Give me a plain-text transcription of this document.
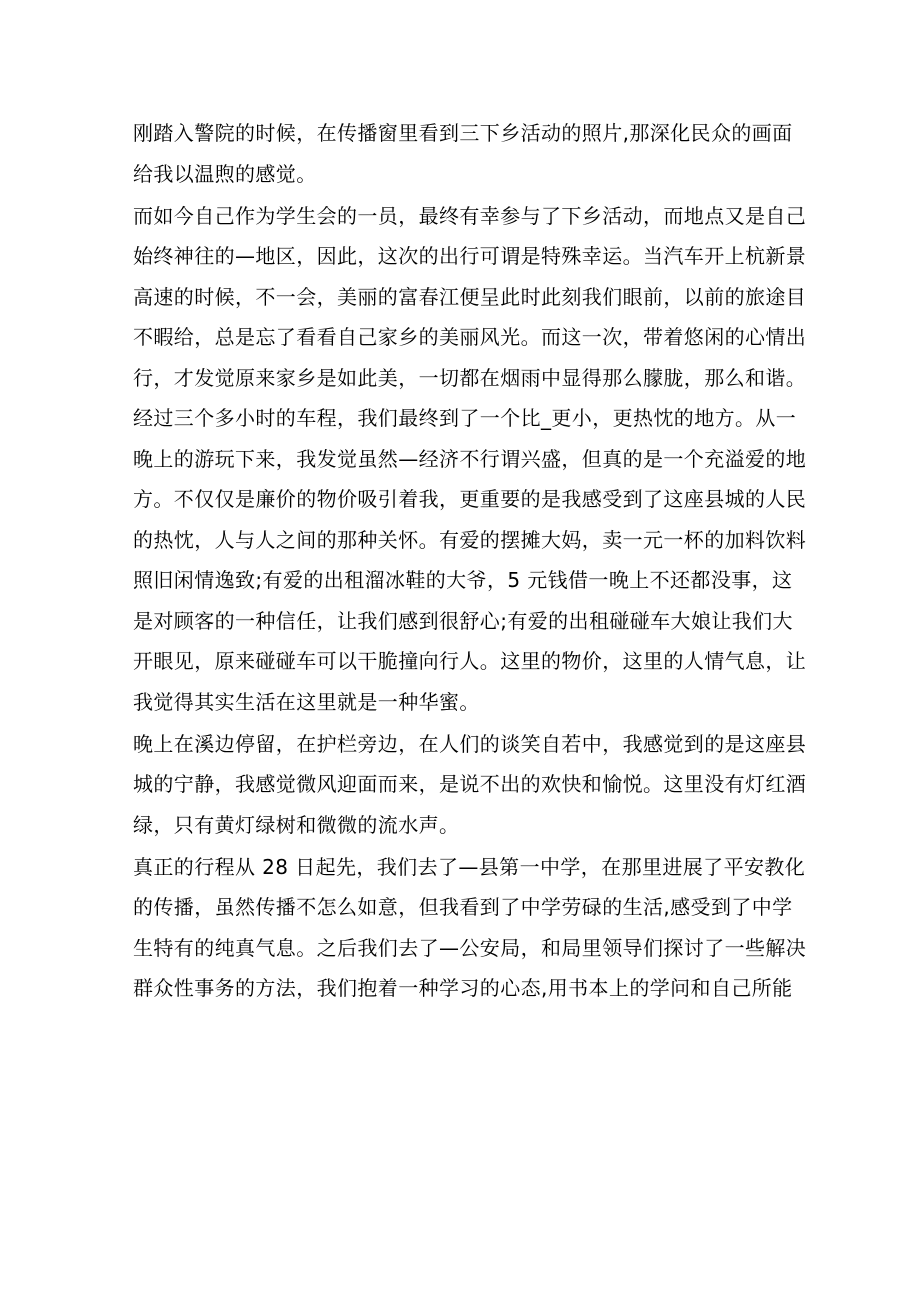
刚踏入警院的时候，在传播窗里看到三下乡活动的照片,那深化民众的画面
给我以温煦的感觉。
而如今自己作为学生会的一员，最终有幸参与了下乡活动，而地点又是自己
始终神往的—地区，因此，这次的出行可谓是特殊幸运。当汽车开上杭新景
高速的时候，不一会，美丽的富春江便呈此时此刻我们眼前，以前的旅途目
不暇给，总是忘了看看自己家乡的美丽风光。而这一次，带着悠闲的心情出
行，才发觉原来家乡是如此美，一切都在烟雨中显得那么朦胧，那么和谐。
经过三个多小时的车程，我们最终到了一个比_更小，更热忱的地方。从一
晚上的游玩下来，我发觉虽然—经济不行谓兴盛，但真的是一个充溢爱的地
方。不仅仅是廉价的物价吸引着我，更重要的是我感受到了这座县城的人民
的热忱，人与人之间的那种关怀。有爱的摆摊大妈，卖一元一杯的加料饮料
照旧闲情逸致;有爱的出租溜冰鞋的大爷，5 元钱借一晚上不还都没事，这
是对顾客的一种信任，让我们感到很舒心;有爱的出租碰碰车大娘让我们大
开眼见，原来碰碰车可以干脆撞向行人。这里的物价，这里的人情气息，让
我觉得其实生活在这里就是一种华蜜。
晚上在溪边停留，在护栏旁边，在人们的谈笑自若中，我感觉到的是这座县
城的宁静，我感觉微风迎面而来，是说不出的欢快和愉悦。这里没有灯红酒
绿，只有黄灯绿树和微微的流水声。
真正的行程从 28 日起先，我们去了—县第一中学，在那里进展了平安教化
的传播，虽然传播不怎么如意，但我看到了中学劳碌的生活,感受到了中学
生特有的纯真气息。之后我们去了—公安局，和局里领导们探讨了一些解决
群众性事务的方法，我们抱着一种学习的心态,用书本上的学问和自己所能
